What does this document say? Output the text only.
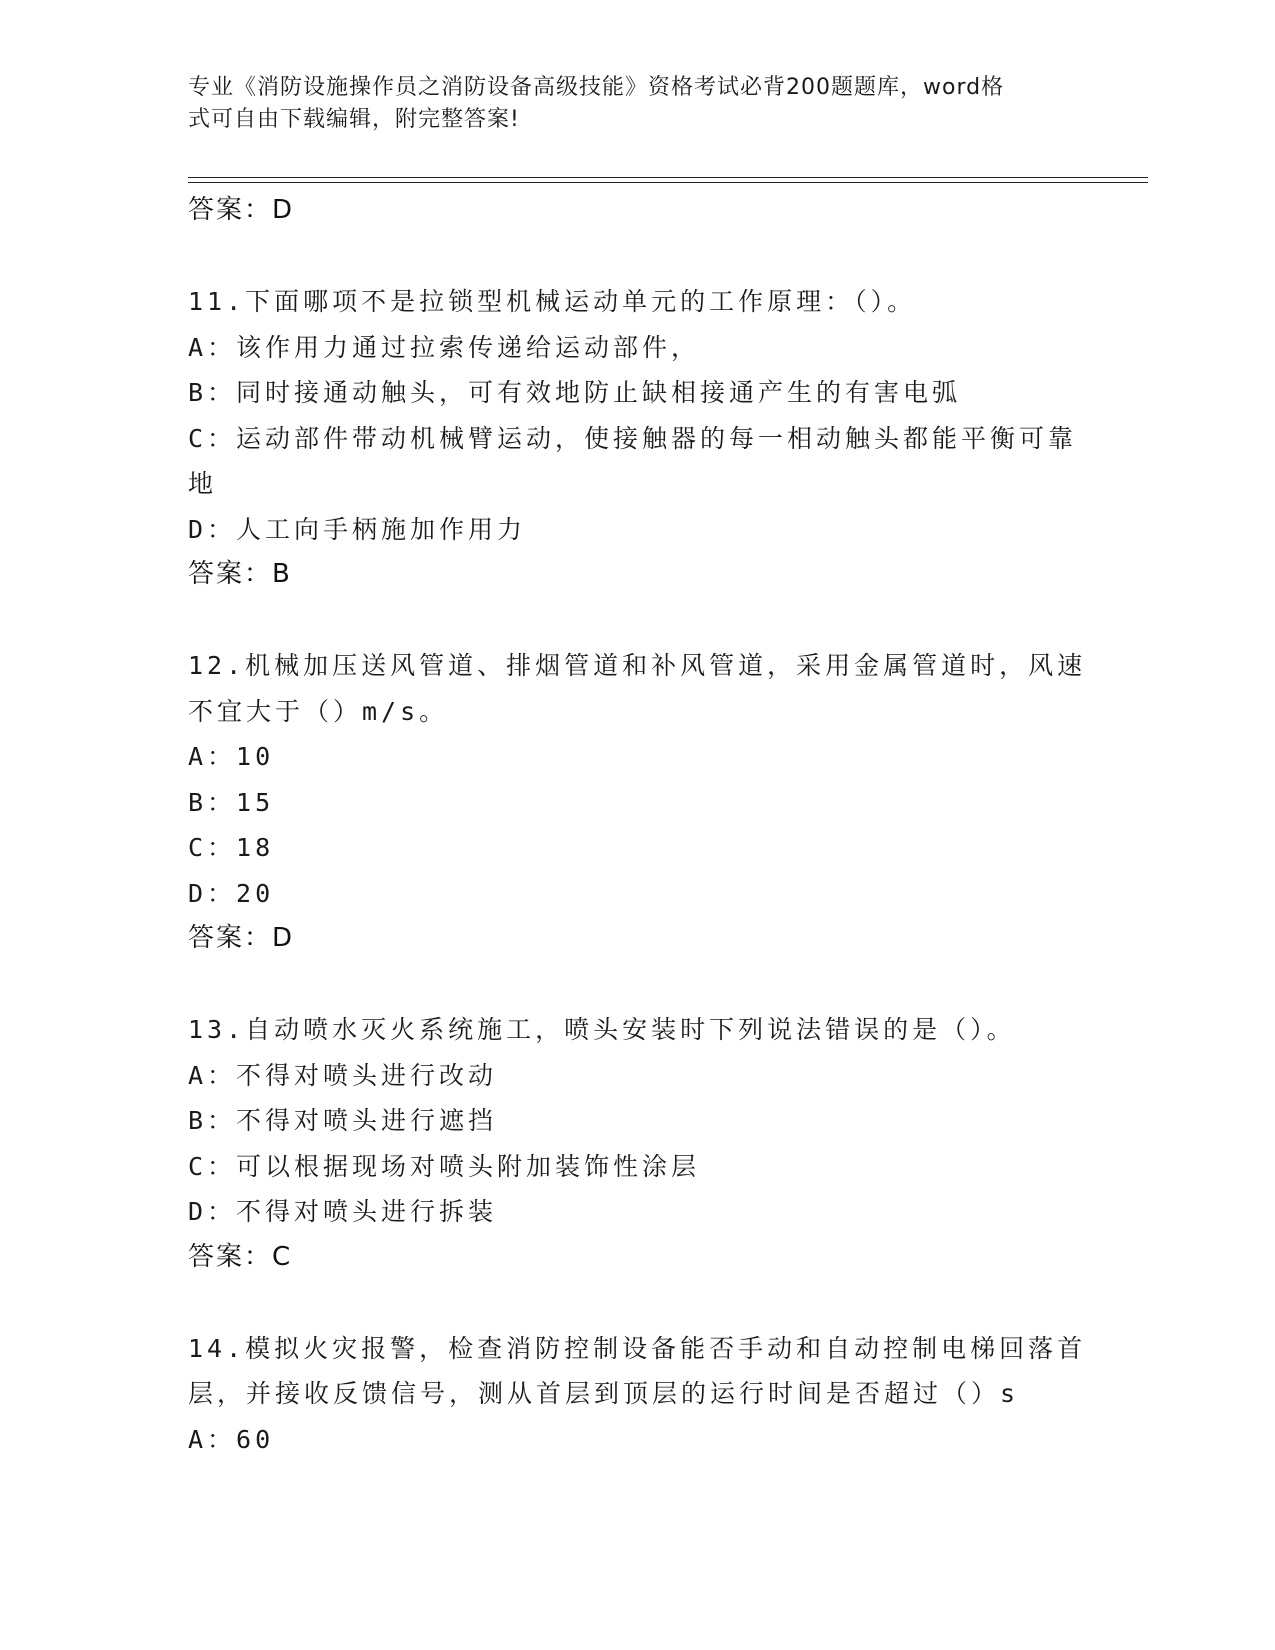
专业《消防设施操作员之消防设备高级技能》资格考试必背200题题库，word格
式可自由下载编辑，附完整答案!
答案：D
11.下面哪项不是拉锁型机械运动单元的工作原理：（）。
A：该作用力通过拉索传递给运动部件，
B：同时接通动触头，可有效地防止缺相接通产生的有害电弧
C：运动部件带动机械臂运动，使接触器的每一相动触头都能平衡可靠
地
D：人工向手柄施加作用力
答案：B
12.机械加压送风管道、排烟管道和补风管道，采用金属管道时，风速
不宜大于（）m/s。
A：10
B：15
C：18
D：20
答案：D
13.自动喷水灭火系统施工，喷头安装时下列说法错误的是（）。
A：不得对喷头进行改动
B：不得对喷头进行遮挡
C：可以根据现场对喷头附加装饰性涂层
D：不得对喷头进行拆装
答案：C
14.模拟火灾报警，检查消防控制设备能否手动和自动控制电梯回落首
层，并接收反馈信号，测从首层到顶层的运行时间是否超过（）s
A：60
